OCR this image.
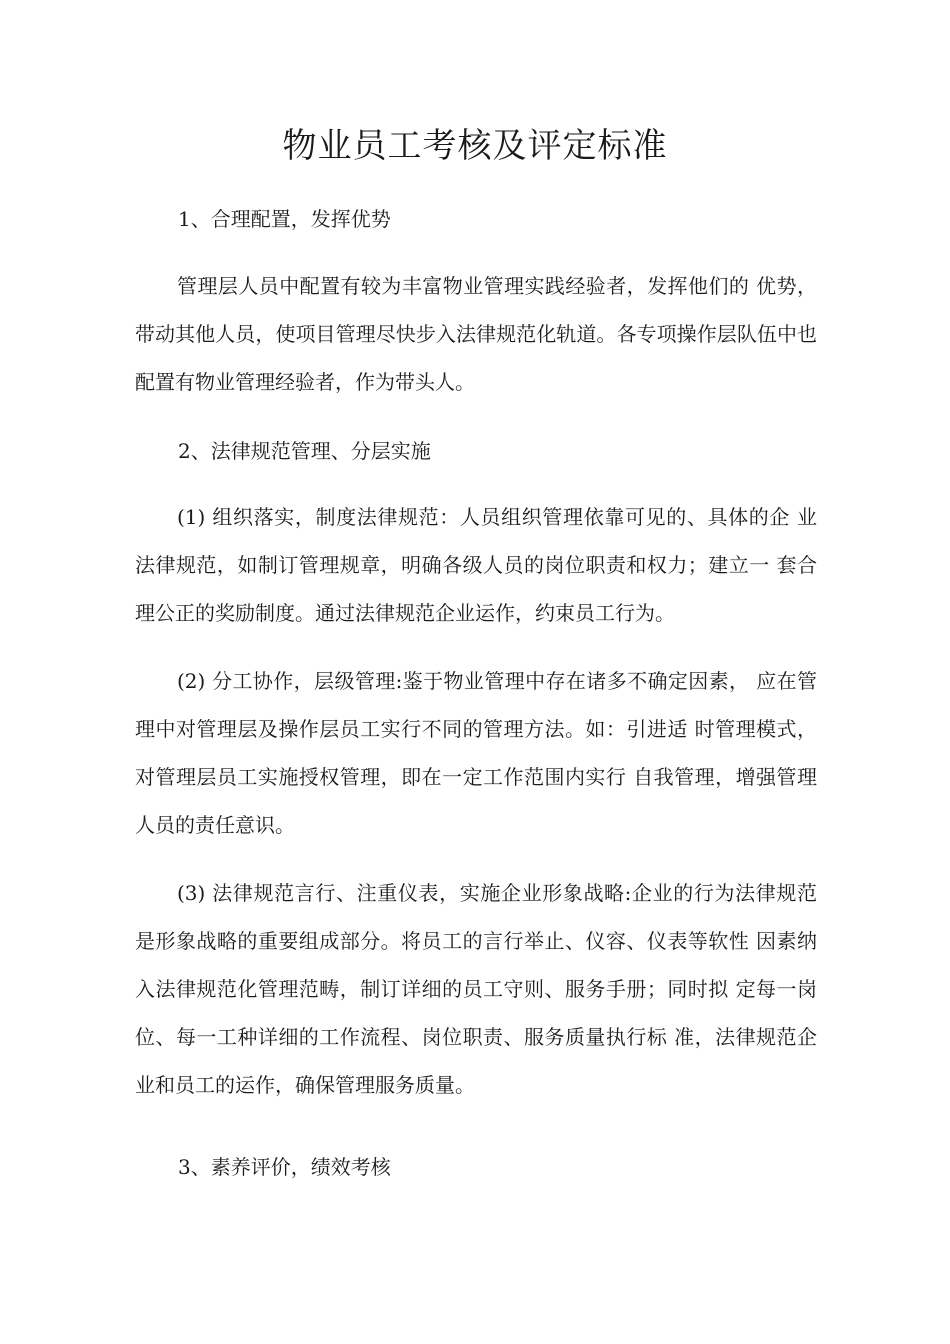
物业员工考核及评定标准

1、合理配置，发挥优势

管理层人员中配置有较为丰富物业管理实践经验者，发挥他们的 优势，带动其他人员，使项目管理尽快步入法律规范化轨道。各专项操作层队伍中也配置有物业管理经验者，作为带头人。

2、法律规范管理、分层实施

(1) 组织落实，制度法律规范：人员组织管理依靠可见的、具体的企 业法律规范，如制订管理规章，明确各级人员的岗位职责和权力；建立一 套合理公正的奖励制度。通过法律规范企业运作，约束员工行为。

(2) 分工协作，层级管理:鉴于物业管理中存在诸多不确定因素， 应在管理中对管理层及操作层员工实行不同的管理方法。如：引进适 时管理模式，对管理层员工实施授权管理，即在一定工作范围内实行 自我管理，增强管理人员的责任意识。

(3) 法律规范言行、注重仪表，实施企业形象战略:企业的行为法律规范 是形象战略的重要组成部分。将员工的言行举止、仪容、仪表等软性 因素纳入法律规范化管理范畴，制订详细的员工守则、服务手册；同时拟 定每一岗位、每一工种详细的工作流程、岗位职责、服务质量执行标 准，法律规范企业和员工的运作，确保管理服务质量。

3、素养评价，绩效考核
